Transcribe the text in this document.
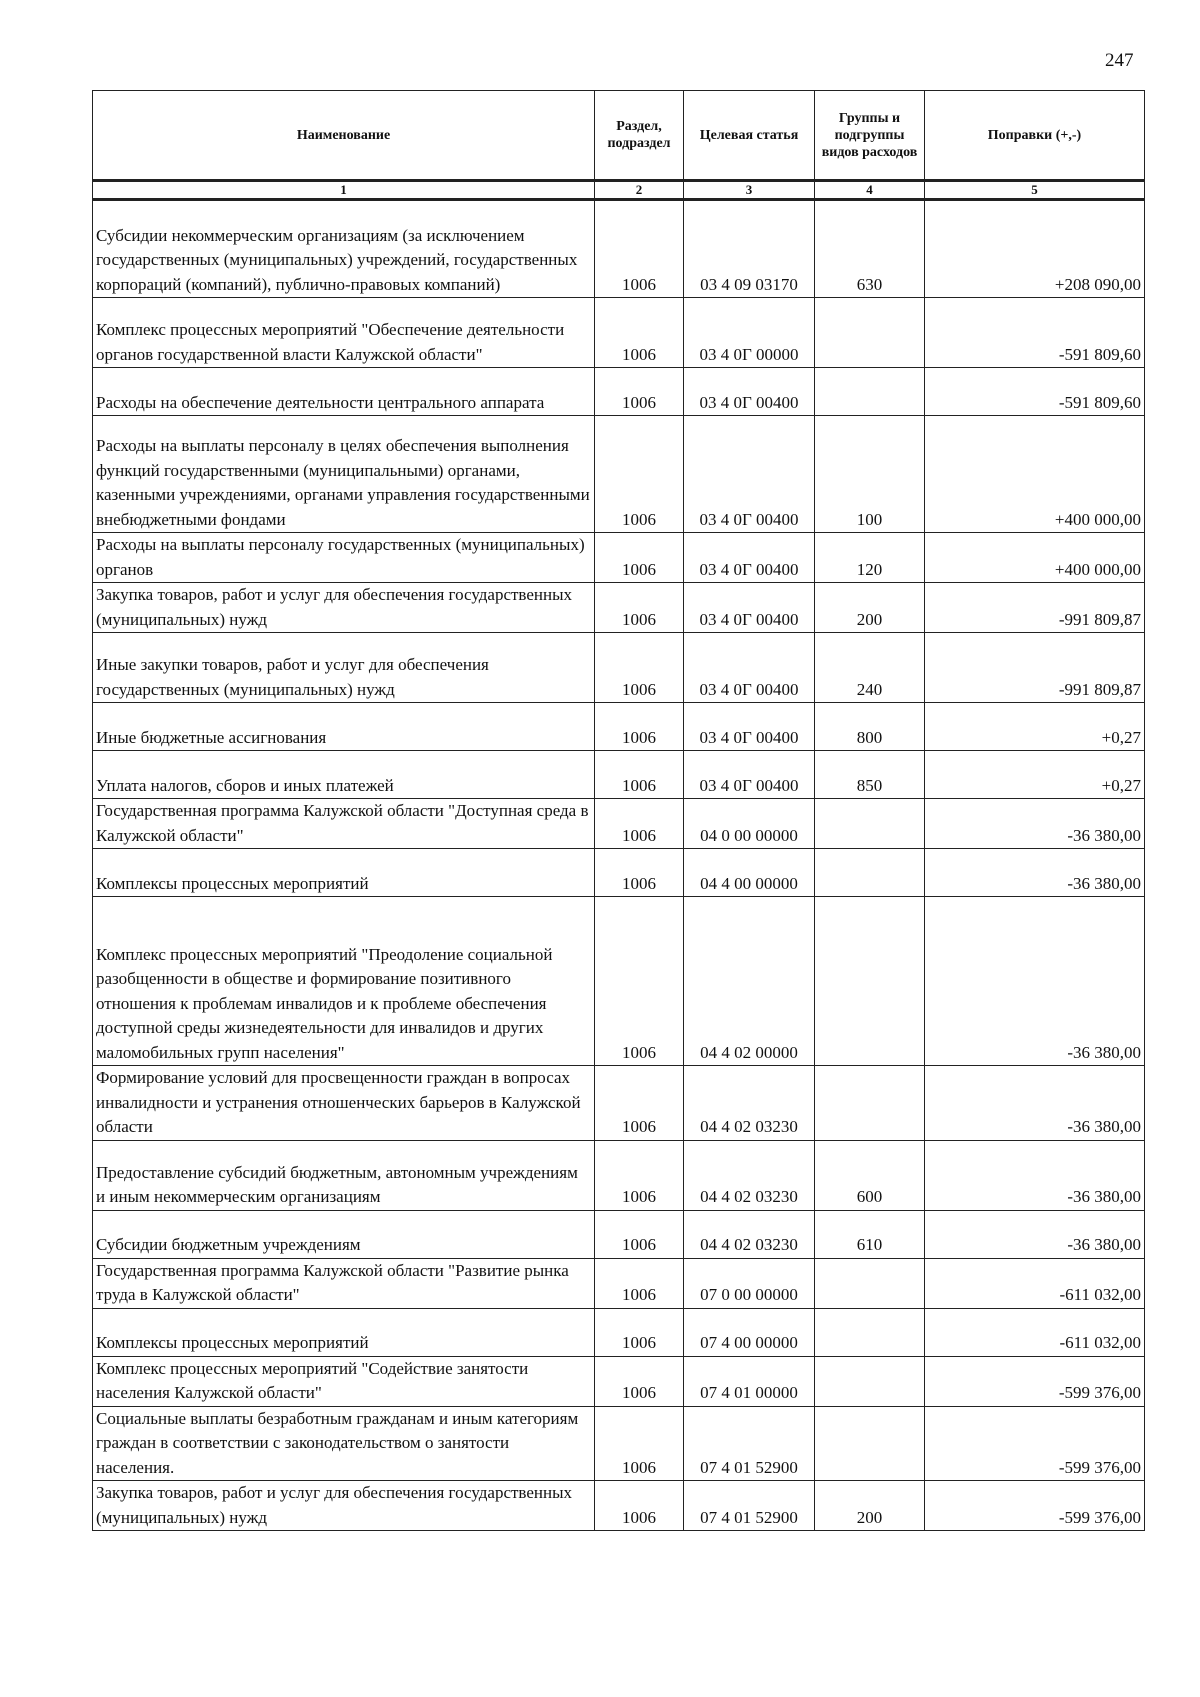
247
Наименование	Раздел, подраздел	Целевая статья	Группы и подгруппы видов расходов	Поправки (+,-)
1	2	3	4	5
Субсидии некоммерческим организациям (за исключением государственных (муниципальных) учреждений, государственных корпораций (компаний), публично-правовых компаний)	1006	03 4 09 03170	630	+208 090,00
Комплекс процессных мероприятий "Обеспечение деятельности органов государственной власти Калужской области"	1006	03 4 0Г 00000		-591 809,60
Расходы на обеспечение деятельности центрального аппарата	1006	03 4 0Г 00400		-591 809,60
Расходы на выплаты персоналу в целях обеспечения выполнения функций государственными (муниципальными) органами, казенными учреждениями, органами управления государственными внебюджетными фондами	1006	03 4 0Г 00400	100	+400 000,00
Расходы на выплаты персоналу государственных (муниципальных) органов	1006	03 4 0Г 00400	120	+400 000,00
Закупка товаров, работ и услуг для обеспечения государственных (муниципальных) нужд	1006	03 4 0Г 00400	200	-991 809,87
Иные закупки товаров, работ и услуг для обеспечения государственных (муниципальных) нужд	1006	03 4 0Г 00400	240	-991 809,87
Иные бюджетные ассигнования	1006	03 4 0Г 00400	800	+0,27
Уплата налогов, сборов и иных платежей	1006	03 4 0Г 00400	850	+0,27
Государственная программа Калужской области "Доступная среда в Калужской области"	1006	04 0 00 00000		-36 380,00
Комплексы процессных мероприятий	1006	04 4 00 00000		-36 380,00
Комплекс процессных мероприятий "Преодоление социальной разобщенности в обществе и формирование позитивного отношения к проблемам инвалидов и к проблеме обеспечения доступной среды жизнедеятельности для инвалидов и других маломобильных групп населения"	1006	04 4 02 00000		-36 380,00
Формирование условий для просвещенности граждан в вопросах инвалидности и устранения отношенческих барьеров в Калужской области	1006	04 4 02 03230		-36 380,00
Предоставление субсидий бюджетным, автономным учреждениям и иным некоммерческим организациям	1006	04 4 02 03230	600	-36 380,00
Субсидии бюджетным учреждениям	1006	04 4 02 03230	610	-36 380,00
Государственная программа Калужской области "Развитие рынка труда в Калужской области"	1006	07 0 00 00000		-611 032,00
Комплексы процессных мероприятий	1006	07 4 00 00000		-611 032,00
Комплекс процессных мероприятий "Содействие занятости населения Калужской области"	1006	07 4 01 00000		-599 376,00
Социальные выплаты безработным гражданам и иным категориям граждан в соответствии с законодательством о занятости населения.	1006	07 4 01 52900		-599 376,00
Закупка товаров, работ и услуг для обеспечения государственных (муниципальных) нужд	1006	07 4 01 52900	200	-599 376,00
